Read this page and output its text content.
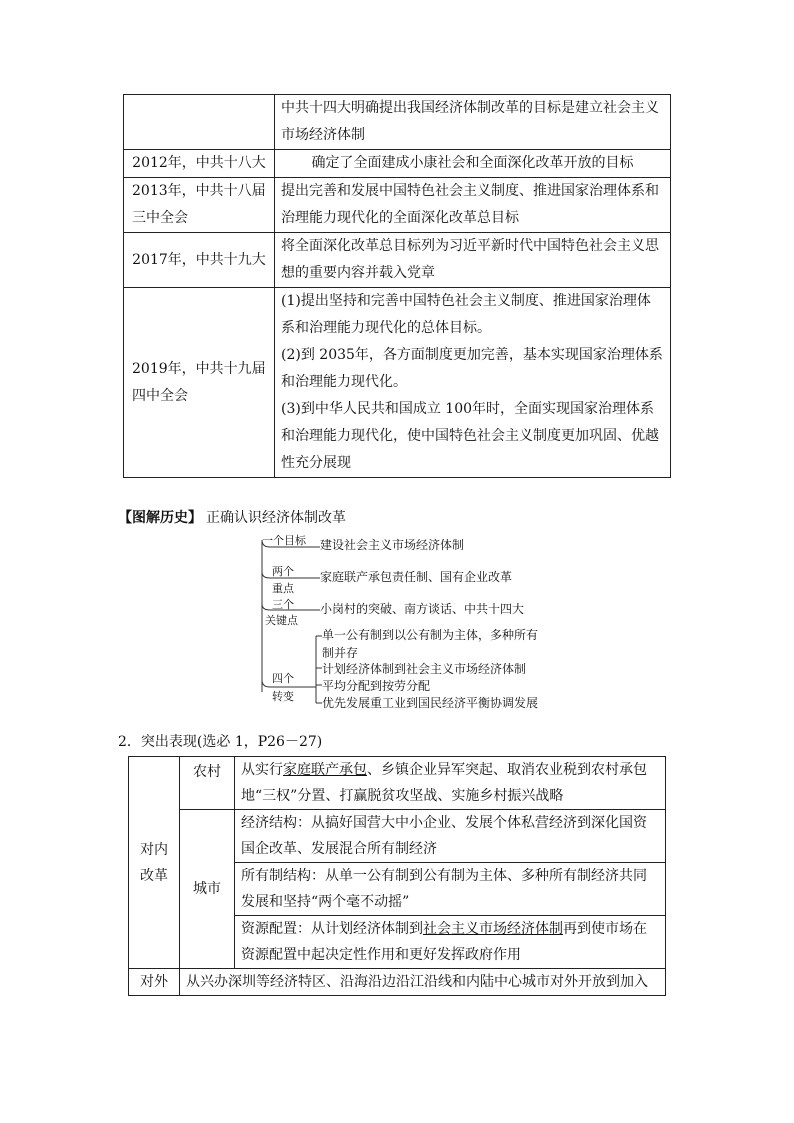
	中共十四大明确提出我国经济体制改革的目标是建立社会主义市场经济体制
2012年，中共十八大	确定了全面建成小康社会和全面深化改革开放的目标
2013年，中共十八届三中全会	提出完善和发展中国特色社会主义制度、推进国家治理体系和治理能力现代化的全面深化改革总目标
2017年，中共十九大	将全面深化改革总目标列为习近平新时代中国特色社会主义思想的重要内容并载入党章
2019年，中共十九届四中全会	(1)提出坚持和完善中国特色社会主义制度、推进国家治理体系和治理能力现代化的总体目标。
(2)到 2035年，各方面制度更加完善，基本实现国家治理体系和治理能力现代化。
(3)到中华人民共和国成立 100年时，全面实现国家治理体系和治理能力现代化，使中国特色社会主义制度更加巩固、优越性充分展现
【图解历史】 正确认识经济体制改革
一个目标 建设社会主义市场经济体制
两个
重点
家庭联产承包责任制、国有企业改革
三个
关键点
小岗村的突破、南方谈话、中共十四大
四个
转变
单一公有制到以公有制为主体，多种所有
制并存
计划经济体制到社会主义市场经济体制
平均分配到按劳分配
优先发展重工业到国民经济平衡协调发展
2．突出表现(选必 1，P26－27)
对内
改革	农村	从实行家庭联产承包、乡镇企业异军突起、取消农业税到农村承包地“三权”分置、打赢脱贫攻坚战、实施乡村振兴战略
	城市	经济结构：从搞好国营大中小企业、发展个体私营经济到深化国资国企改革、发展混合所有制经济
		所有制结构：从单一公有制到公有制为主体、多种所有制经济共同发展和坚持“两个毫不动摇”
		资源配置：从计划经济体制到社会主义市场经济体制再到使市场在资源配置中起决定性作用和更好发挥政府作用
对外	从兴办深圳等经济特区、沿海沿边沿江沿线和内陆中心城市对外开放到加入	
